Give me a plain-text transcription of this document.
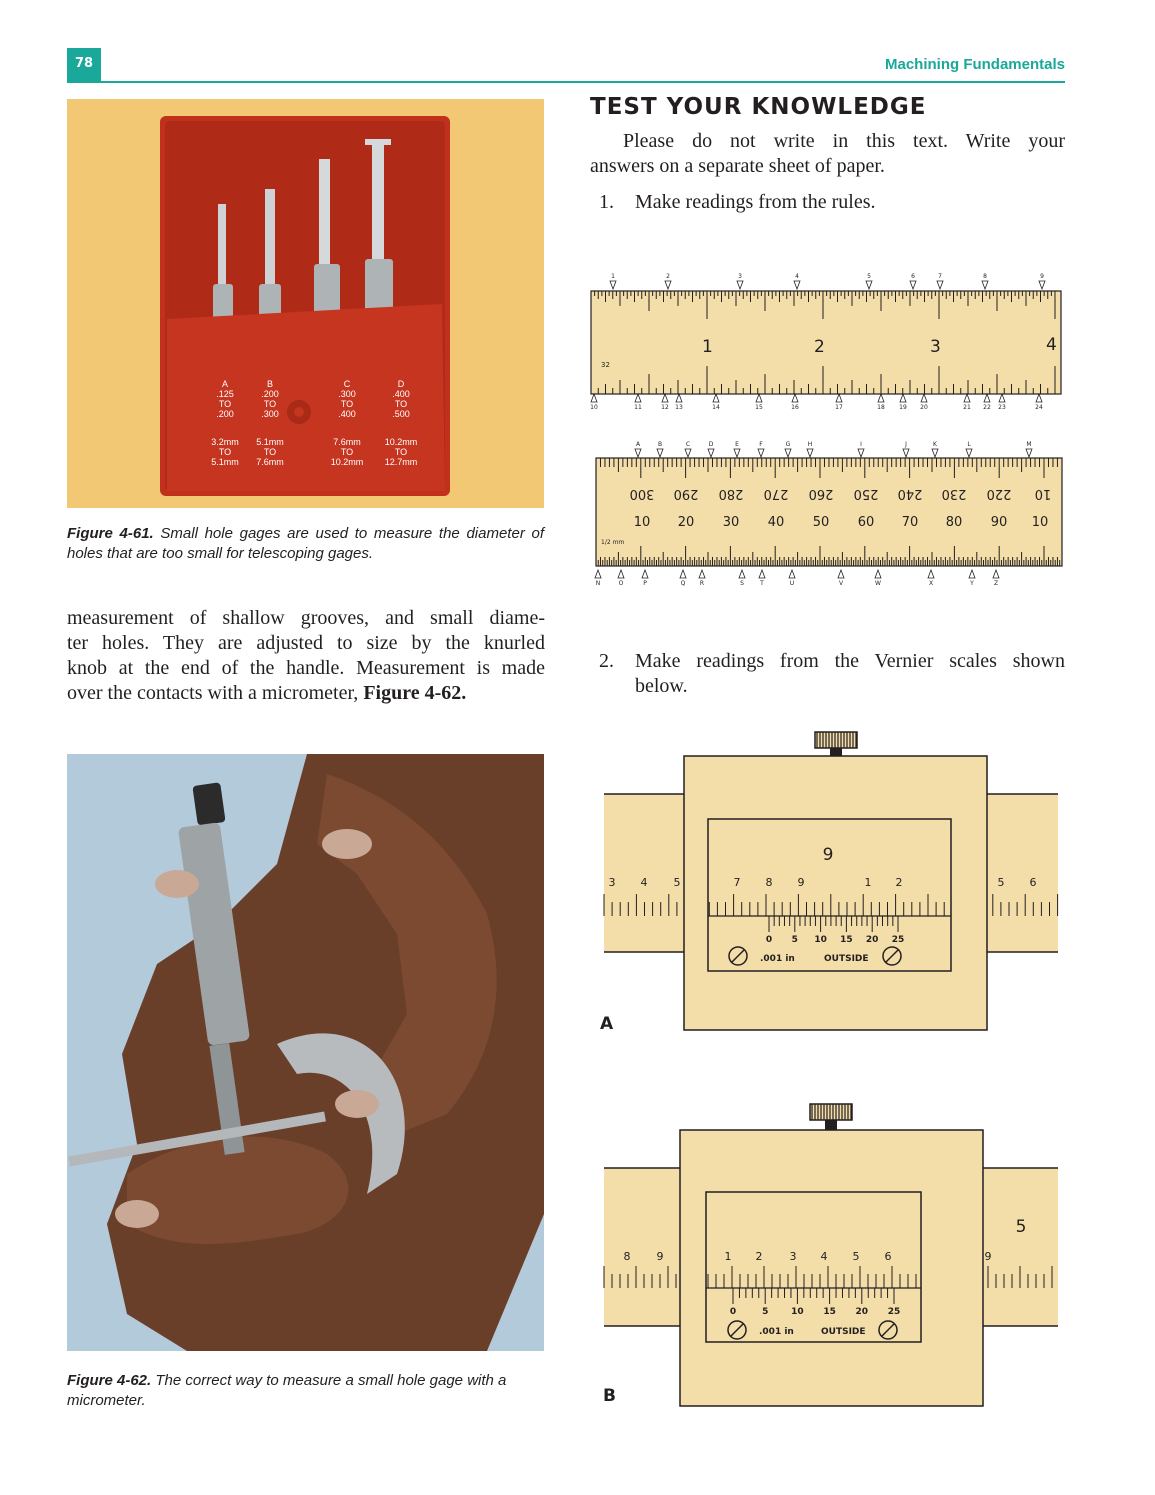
78	Machining Fundamentals
A
.125
TO
.200
3.2mm
TO
5.1mm
B
.200
TO
.300
5.1mm
TO
7.6mm
C
.300
TO
.400
7.6mm
TO
10.2mm
D
.400
TO
.500
10.2mm
TO
12.7mm
Figure 4-61. Small hole gages are used to measure the diameter of holes that are too small for telescoping gages.
measurement of shallow grooves, and small diame-
ter holes. They are adjusted to size by the knurled
knob at the end of the handle. Measurement is made
over the contacts with a micrometer, Figure 4-62.
Figure 4-62. The correct way to measure a small hole gage with a micrometer.
TEST YOUR KNOWLEDGE
Please do not write in this text. Write your
answers on a separate sheet of paper.
1. Make readings from the rules.
1	2	3	4	5	6	7	8	9
10	11	12 13	14	15	16	17	18 19 20	21 22 23	24
1	2	3	4
32
A	B	C	D	E	F	G	H	I	J	K	L	M
N	O	P	Q R	S	T	U	V	W	X	Y	Z
300 290 280 270 260 250 240 230 220 10
10 20 30 40 50 60 70 80 90 10
1/2 mm
2. Make readings from the Vernier scales shown
below.
0 5 10 15 20 25
3 4 5	7 8 9	1 2	5 6
9
.001 in	OUTSIDE
A
0	5	10 15 20 25
8 9	1 2 3 4 5 6	9
5
.001 in	OUTSIDE
B
